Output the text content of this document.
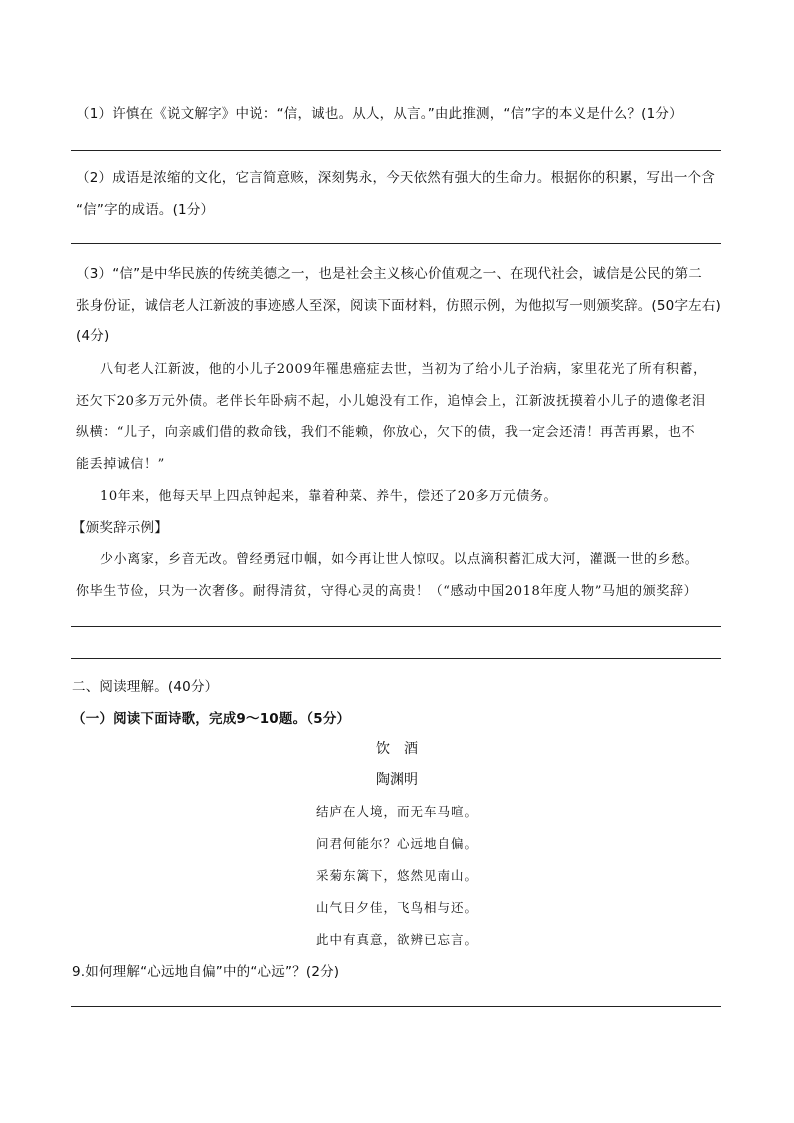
（1）许慎在《说文解字》中说：“信，诚也。从人，从言。”由此推测，“信”字的本义是什么？(1分）
（2）成语是浓缩的文化，它言简意赅，深刻隽永，今天依然有强大的生命力。根据你的积累，写出一个含
“信”字的成语。(1分）
（3）“信”是中华民族的传统美德之一，也是社会主义核心价值观之一、在现代社会，诚信是公民的第二
张身份证，诚信老人江新波的事迹感人至深，阅读下面材料，仿照示例，为他拟写一则颁奖辞。(50字左右)
(4分)
八旬老人江新波，他的小儿子2009年罹患癌症去世，当初为了给小儿子治病，家里花光了所有积蓄，
还欠下20多万元外债。老伴长年卧病不起，小儿媳没有工作，追悼会上，江新波抚摸着小儿子的遗像老泪
纵横：“儿子，向亲戚们借的救命钱，我们不能赖，你放心，欠下的债，我一定会还清！再苦再累，也不
能丢掉诚信！”
10年来，他每天早上四点钟起来，靠着种菜、养牛，偿还了20多万元债务。
【颁奖辞示例】
少小离家，乡音无改。曾经勇冠巾帼，如今再让世人惊叹。以点滴积蓄汇成大河，灌溉一世的乡愁。
你毕生节俭，只为一次奢侈。耐得清贫，守得心灵的高贵！（“感动中国2018年度人物”马旭的颁奖辞）
二、阅读理解。(40分）
（一）阅读下面诗歌，完成9～10题。（5分）
饮　酒
陶渊明
结庐在人境，而无车马喧。
问君何能尔？心远地自偏。
采菊东篱下，悠然见南山。
山气日夕佳，飞鸟相与还。
此中有真意，欲辨已忘言。
9.如何理解“心远地自偏”中的“心远”？(2分)
